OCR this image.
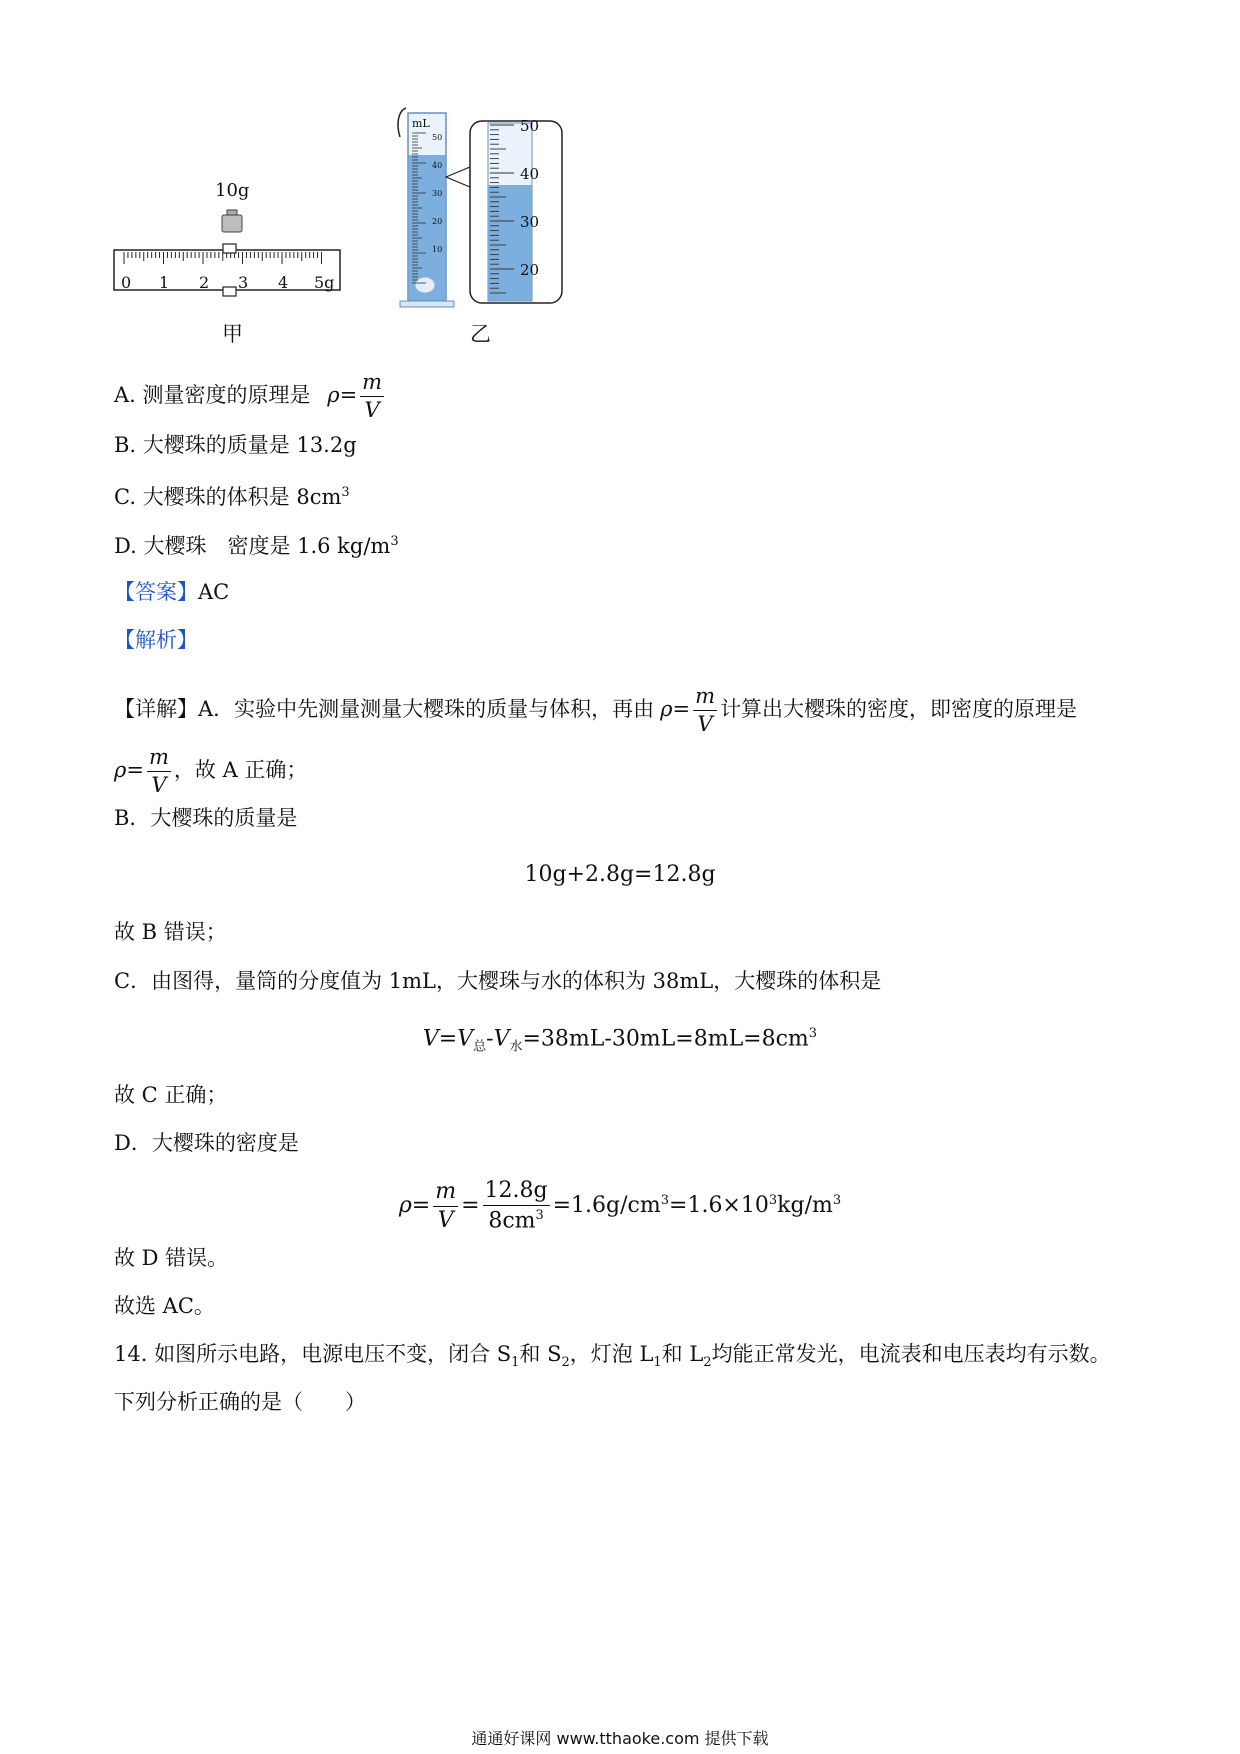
10g
0 1 2 3 4 5g
甲
mL
50
40
30
20
10
50
40
30
20
乙
A. 测量密度的原理是 $\rho= \frac{m}{V}$
B. 大樱珠的质量是 13.2g
C. 大樱珠的体积是 $8cm^3$
D. 大樱珠　密度是 1.6 $kg/m^3$
【答案】AC
【解析】
【详解】A．实验中先测量测量大樱珠的质量与体积，再由 $\rho= \frac{m}{V}$ 计算出大樱珠的密度，即密度的原理是
$\rho= \frac{m}{V}$ ，故 A 正确；
B．大樱珠的质量是
10g+2.8g=12.8g
故 B 错误；
C．由图得，量筒的分度值为 1mL，大樱珠与水的体积为 38mL，大樱珠的体积是
$V=V_总-V_水=38mL-30mL=8mL=8cm^3$
故 C 正确；
D．大樱珠的密度是
$\rho= \frac{m}{V} = \frac{12.8g}{8cm^3} =1.6g/cm^3=1.6\times 10^3kg/m^3$
故 D 错误。
故选 AC。
14. 如图所示电路，电源电压不变，闭合 $S_1$和 $S_2$，灯泡 $L_1$和 $L_2$均能正常发光，电流表和电压表均有示数。
下列分析正确的是（　　）
通通好课网 www.tthaoke.com 提供下载
